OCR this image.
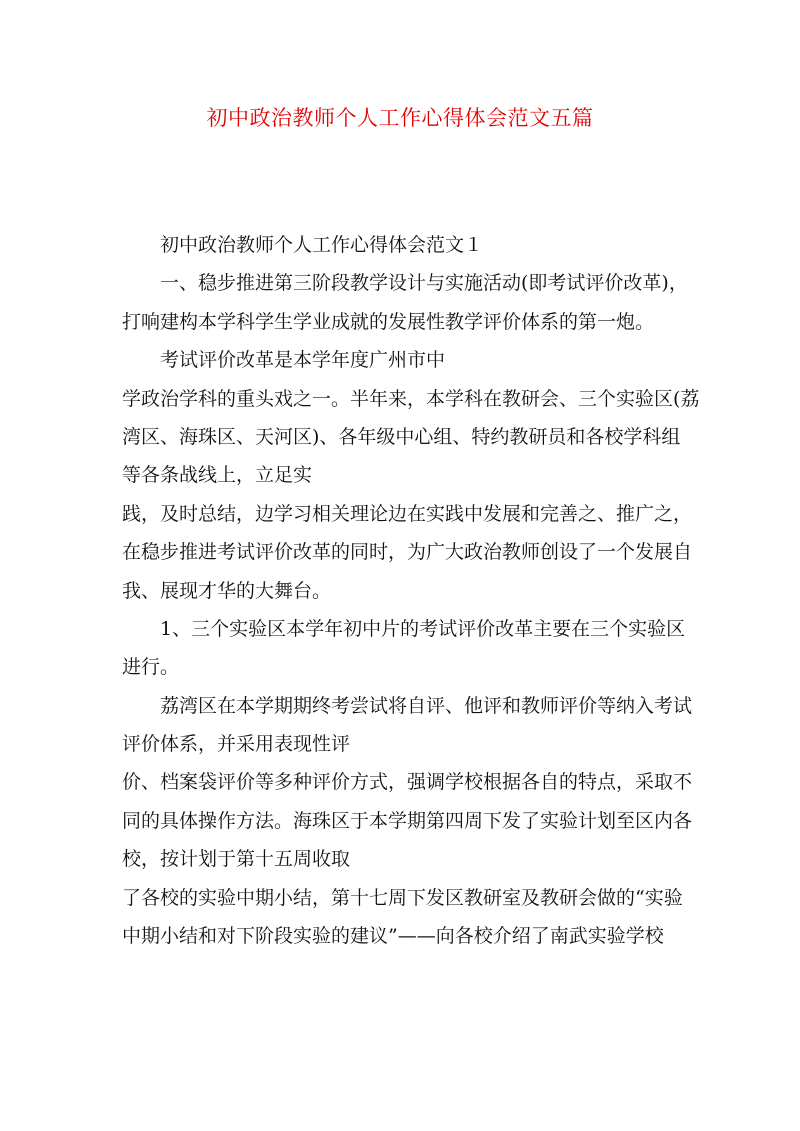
初中政治教师个人工作心得体会范文五篇
初中政治教师个人工作心得体会范文１
一、稳步推进第三阶段教学设计与实施活动(即考试评价改革)，
打响建构本学科学生学业成就的发展性教学评价体系的第一炮。
考试评价改革是本学年度广州市中
学政治学科的重头戏之一。半年来，本学科在教研会、三个实验区(荔
湾区、海珠区、天河区)、各年级中心组、特约教研员和各校学科组
等各条战线上，立足实
践，及时总结，边学习相关理论边在实践中发展和完善之、推广之，
在稳步推进考试评价改革的同时，为广大政治教师创设了一个发展自
我、展现才华的大舞台。
1、三个实验区本学年初中片的考试评价改革主要在三个实验区
进行。
荔湾区在本学期期终考尝试将自评、他评和教师评价等纳入考试
评价体系，并采用表现性评
价、档案袋评价等多种评价方式，强调学校根据各自的特点，采取不
同的具体操作方法。海珠区于本学期第四周下发了实验计划至区内各
校，按计划于第十五周收取
了各校的实验中期小结，第十七周下发区教研室及教研会做的“实验
中期小结和对下阶段实验的建议”——向各校介绍了南武实验学校
